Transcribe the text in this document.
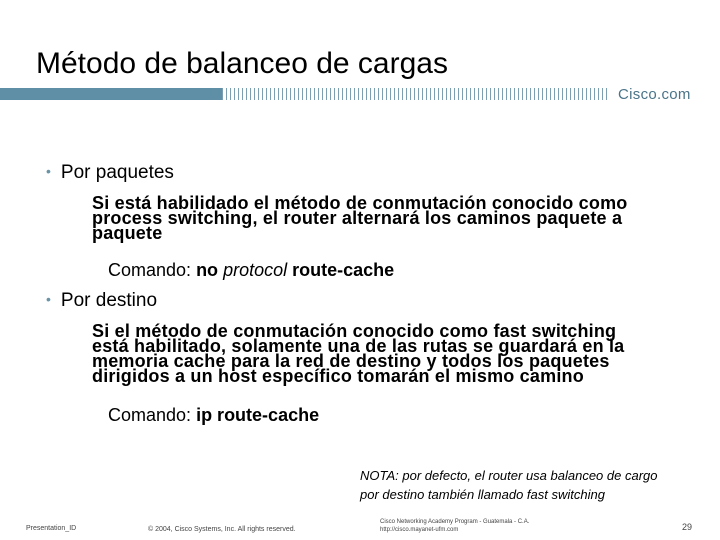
Método de balanceo de cargas
Cisco.com
• Por paquetes
Si está habilidado el método de conmutación conocido como
process switching, el router alternará los caminos paquete a
paquete
Comando: no protocol route-cache
• Por destino
Si el método de conmutación conocido como fast switching
está habilitado, solamente una de las rutas se guardará en la
memoria cache para la red de destino y todos los paquetes
dirigidos a un host específico tomarán el mismo camino
Comando: ip route-cache
NOTA: por defecto, el router usa balanceo de cargo
por destino también llamado fast switching
Presentation_ID	© 2004, Cisco Systems, Inc. All rights reserved.
Cisco Networking Academy Program - Guatemala - C.A.
http://cisco.mayanet-ufm.com	29
